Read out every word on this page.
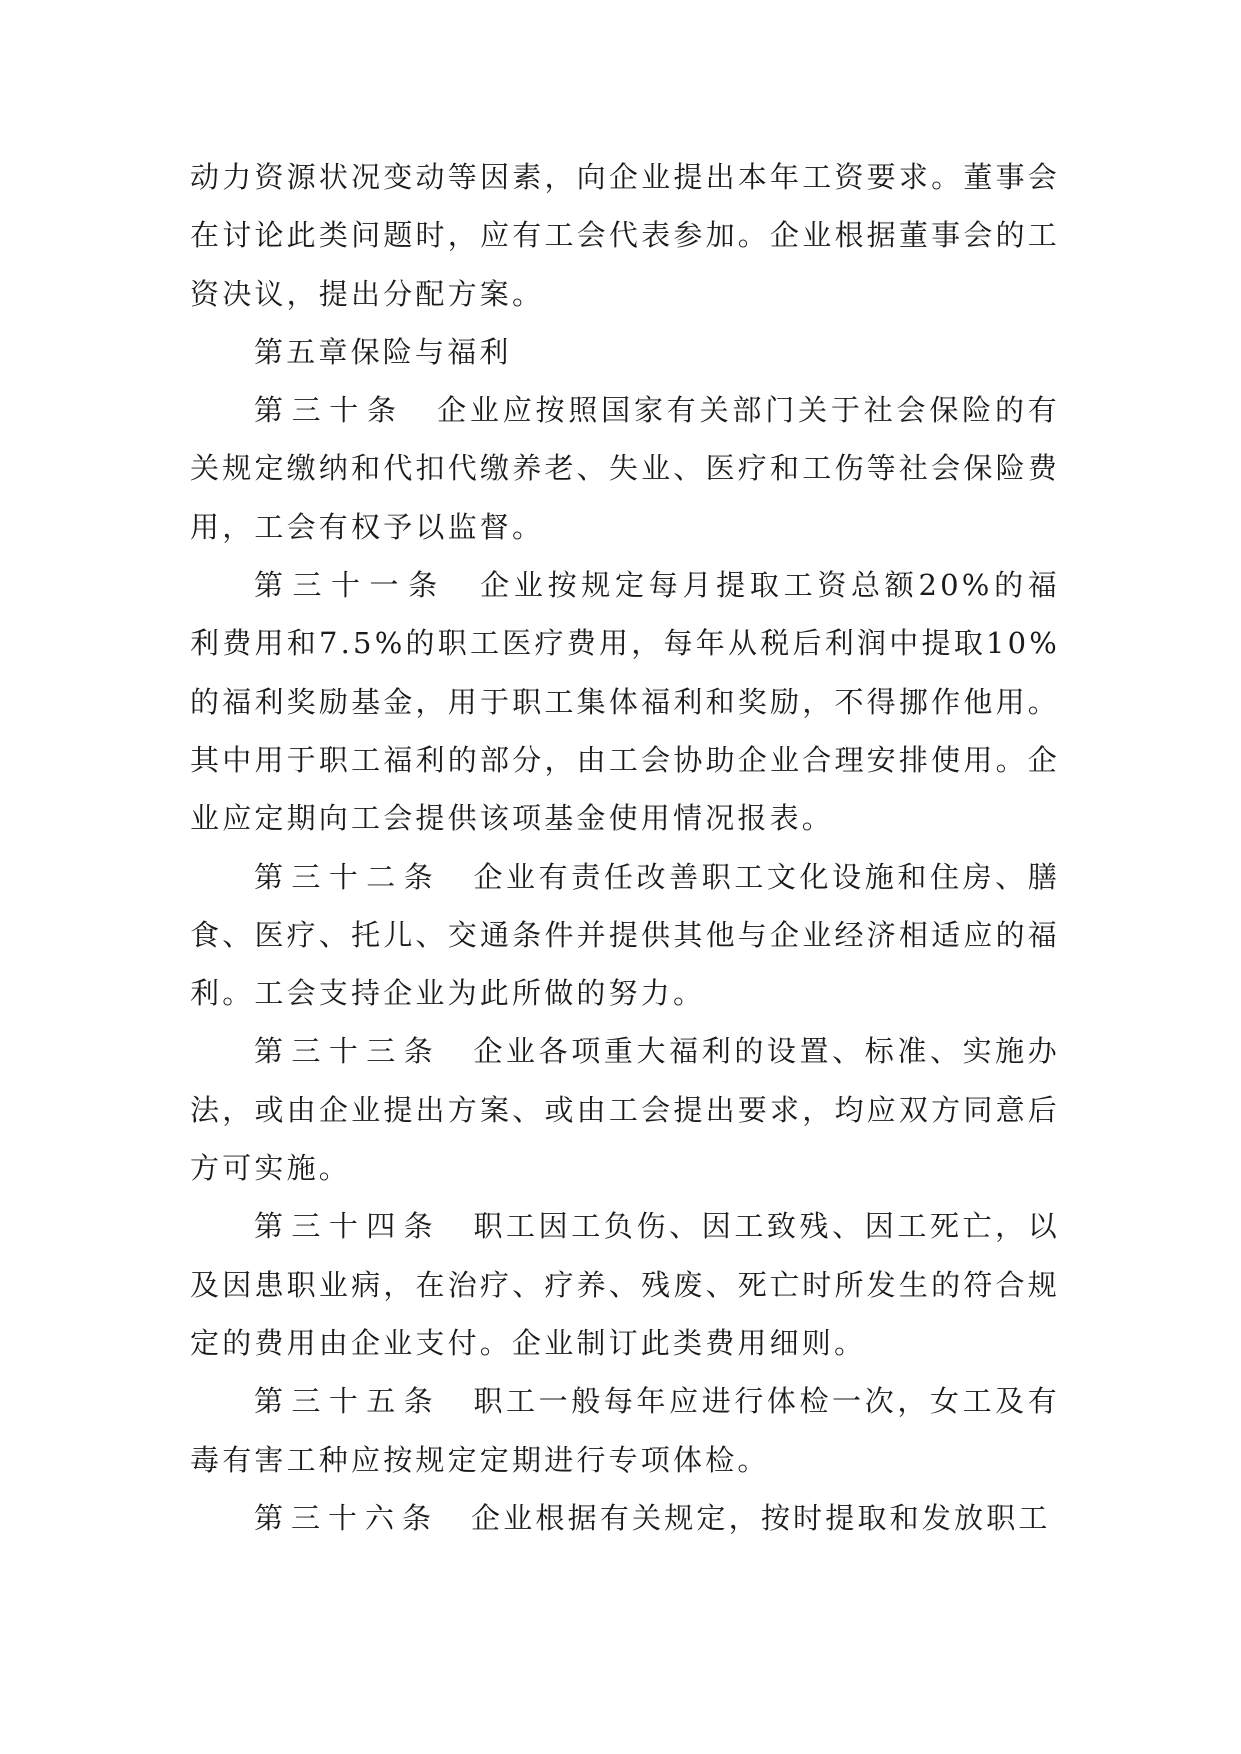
动力资源状况变动等因素，向企业提出本年工资要求。董事会在讨论此类问题时，应有工会代表参加。企业根据董事会的工资决议，提出分配方案。

第五章保险与福利

第三十条 企业应按照国家有关部门关于社会保险的有关规定缴纳和代扣代缴养老、失业、医疗和工伤等社会保险费用，工会有权予以监督。

第三十一条 企业按规定每月提取工资总额20%的福利费用和7.5%的职工医疗费用，每年从税后利润中提取10%的福利奖励基金，用于职工集体福利和奖励，不得挪作他用。其中用于职工福利的部分，由工会协助企业合理安排使用。企业应定期向工会提供该项基金使用情况报表。

第三十二条 企业有责任改善职工文化设施和住房、膳食、医疗、托儿、交通条件并提供其他与企业经济相适应的福利。工会支持企业为此所做的努力。

第三十三条 企业各项重大福利的设置、标准、实施办法，或由企业提出方案、或由工会提出要求，均应双方同意后方可实施。

第三十四条 职工因工负伤、因工致残、因工死亡，以及因患职业病，在治疗、疗养、残废、死亡时所发生的符合规定的费用由企业支付。企业制订此类费用细则。

第三十五条 职工一般每年应进行体检一次，女工及有毒有害工种应按规定定期进行专项体检。

第三十六条 企业根据有关规定，按时提取和发放职工
